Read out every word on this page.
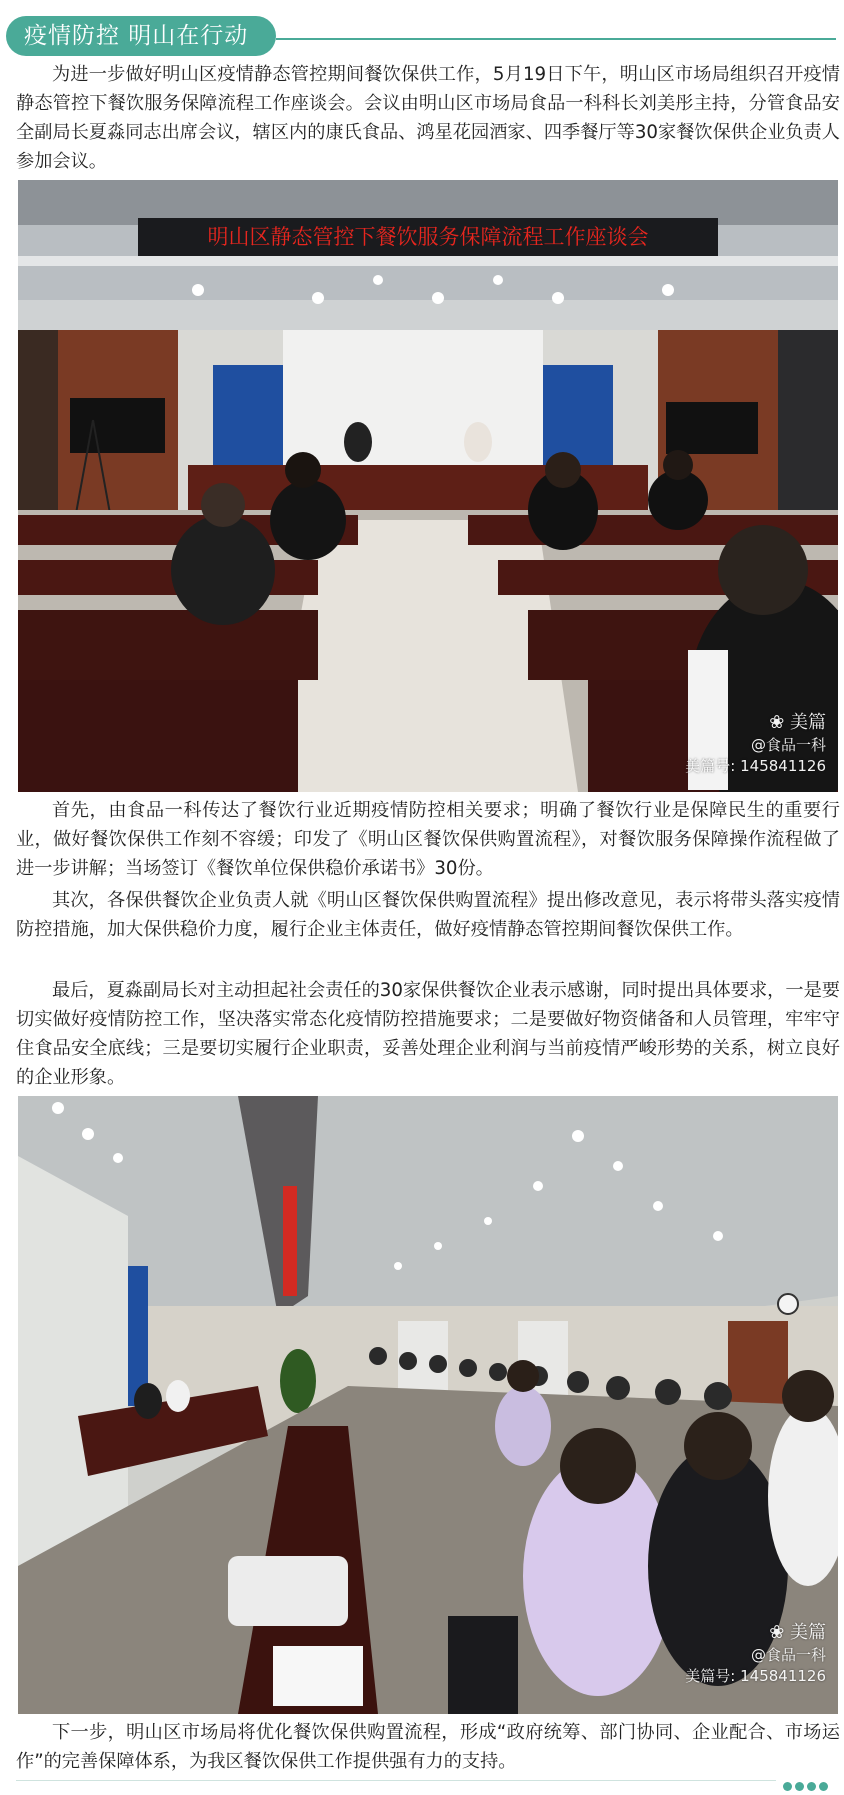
疫情防控 明山在行动

为进一步做好明山区疫情静态管控期间餐饮保供工作，5月19日下午，明山区市场局组织召开疫情静态管控下餐饮服务保障流程工作座谈会。会议由明山区市场局食品一科科长刘美彤主持，分管食品安全副局长夏淼同志出席会议，辖区内的康氏食品、鸿星花园酒家、四季餐厅等30家餐饮保供企业负责人参加会议。

明山区静态管控下餐饮服务保障流程工作座谈会
❀ 美篇
@食品一科
美篇号: 145841126

首先，由食品一科传达了餐饮行业近期疫情防控相关要求；明确了餐饮行业是保障民生的重要行业，做好餐饮保供工作刻不容缓；印发了《明山区餐饮保供购置流程》，对餐饮服务保障操作流程做了进一步讲解；当场签订《餐饮单位保供稳价承诺书》30份。

其次，各保供餐饮企业负责人就《明山区餐饮保供购置流程》提出修改意见，表示将带头落实疫情防控措施，加大保供稳价力度，履行企业主体责任，做好疫情静态管控期间餐饮保供工作。

最后，夏淼副局长对主动担起社会责任的30家保供餐饮企业表示感谢，同时提出具体要求，一是要切实做好疫情防控工作，坚决落实常态化疫情防控措施要求；二是要做好物资储备和人员管理，牢牢守住食品安全底线；三是要切实履行企业职责，妥善处理企业利润与当前疫情严峻形势的关系，树立良好的企业形象。

❀ 美篇
@食品一科
美篇号: 145841126

下一步，明山区市场局将优化餐饮保供购置流程，形成“政府统筹、部门协同、企业配合、市场运作”的完善保障体系，为我区餐饮保供工作提供强有力的支持。
